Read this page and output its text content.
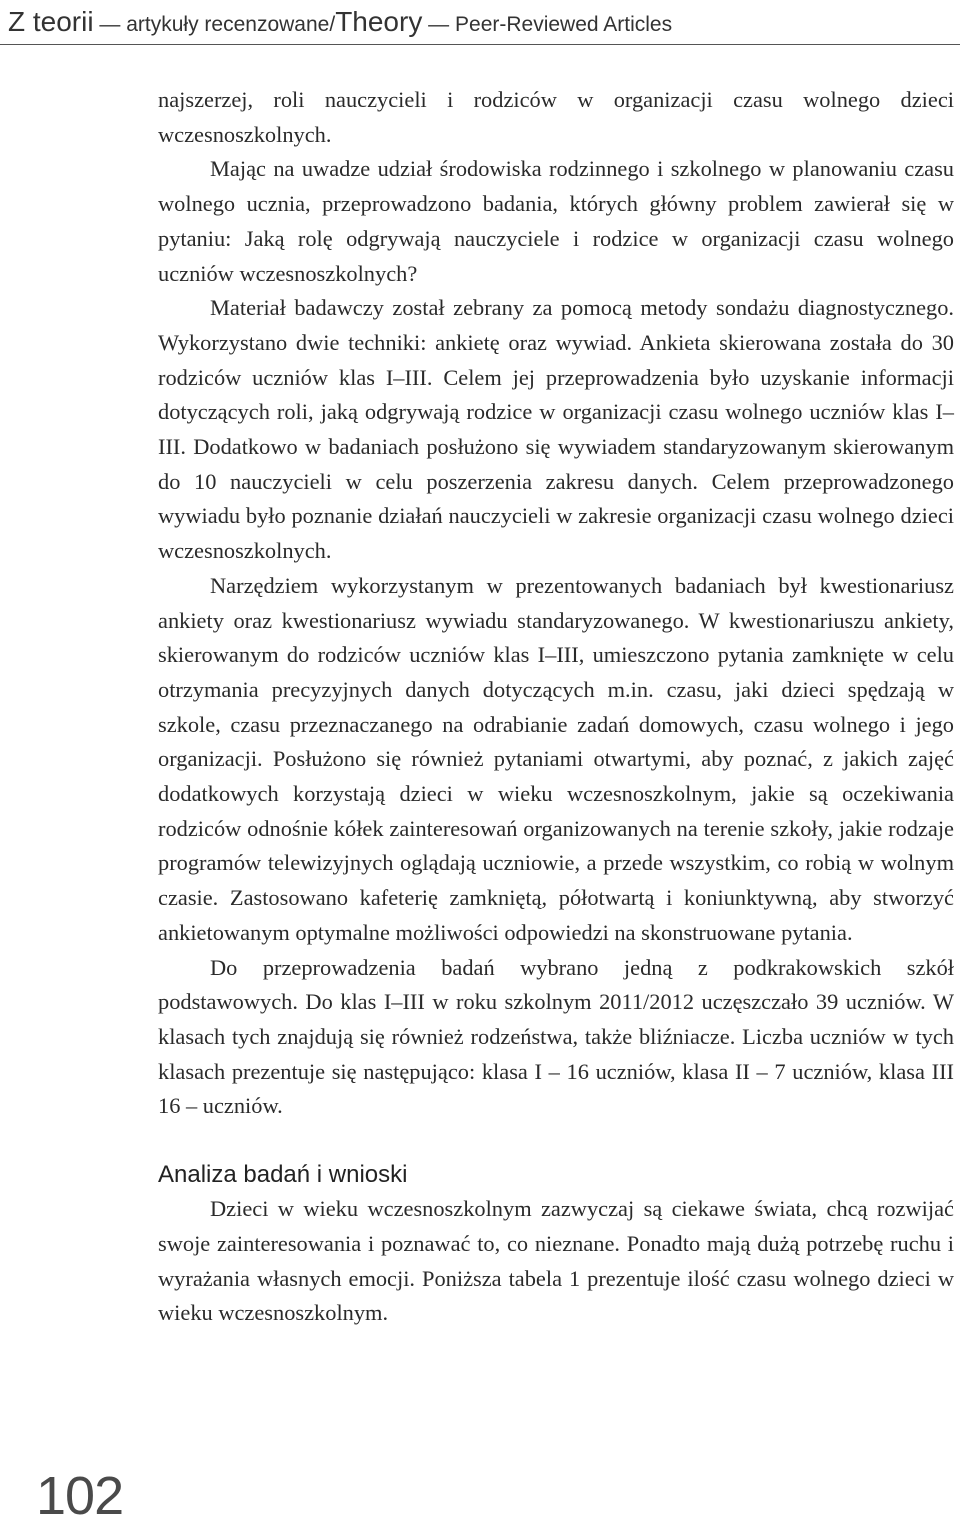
Z teorii — artykuły recenzowane/Theory — Peer-Reviewed Articles

najszerzej, roli nauczycieli i rodziców w organizacji czasu wolnego dzieci wczesnoszkolnych.

Mając na uwadze udział środowiska rodzinnego i szkolnego w planowaniu czasu wolnego ucznia, przeprowadzono badania, których główny problem zawierał się w pytaniu: Jaką rolę odgrywają nauczyciele i rodzice w organizacji czasu wolnego uczniów wczesnoszkolnych?

Materiał badawczy został zebrany za pomocą metody sondażu diagnostycznego. Wykorzystano dwie techniki: ankietę oraz wywiad. Ankieta skierowana została do 30 rodziców uczniów klas I–III. Celem jej przeprowadzenia było uzyskanie informacji dotyczących roli, jaką odgrywają rodzice w organizacji czasu wolnego uczniów klas I–III. Dodatkowo w badaniach posłużono się wywiadem standaryzowanym skierowanym do 10 nauczycieli w celu poszerzenia zakresu danych. Celem przeprowadzonego wywiadu było poznanie działań nauczycieli w zakresie organizacji czasu wolnego dzieci wczesnoszkolnych.

Narzędziem wykorzystanym w prezentowanych badaniach był kwestionariusz ankiety oraz kwestionariusz wywiadu standaryzowanego. W kwestionariuszu ankiety, skierowanym do rodziców uczniów klas I–III, umieszczono pytania zamknięte w celu otrzymania precyzyjnych danych dotyczących m.in. czasu, jaki dzieci spędzają w szkole, czasu przeznaczanego na odrabianie zadań domowych, czasu wolnego i jego organizacji. Posłużono się również pytaniami otwartymi, aby poznać, z jakich zajęć dodatkowych korzystają dzieci w wieku wczesnoszkolnym, jakie są oczekiwania rodziców odnośnie kółek zainteresowań organizowanych na terenie szkoły, jakie rodzaje programów telewizyjnych oglądają uczniowie, a przede wszystkim, co robią w wolnym czasie. Zastosowano kafeterię zamkniętą, półotwartą i koniunktywną, aby stworzyć ankietowanym optymalne możliwości odpowiedzi na skonstruowane pytania.

Do przeprowadzenia badań wybrano jedną z podkrakowskich szkół podstawowych. Do klas I–III w roku szkolnym 2011/2012 uczęszczało 39 uczniów. W klasach tych znajdują się również rodzeństwa, także bliźniacze. Liczba uczniów w tych klasach prezentuje się następująco: klasa I – 16 uczniów, klasa II – 7 uczniów, klasa III 16 – uczniów.

Analiza badań i wnioski

Dzieci w wieku wczesnoszkolnym zazwyczaj są ciekawe świata, chcą rozwijać swoje zainteresowania i poznawać to, co nieznane. Ponadto mają dużą potrzebę ruchu i wyrażania własnych emocji. Poniższa tabela 1 prezentuje ilość czasu wolnego dzieci w wieku wczesnoszkolnym.

102
